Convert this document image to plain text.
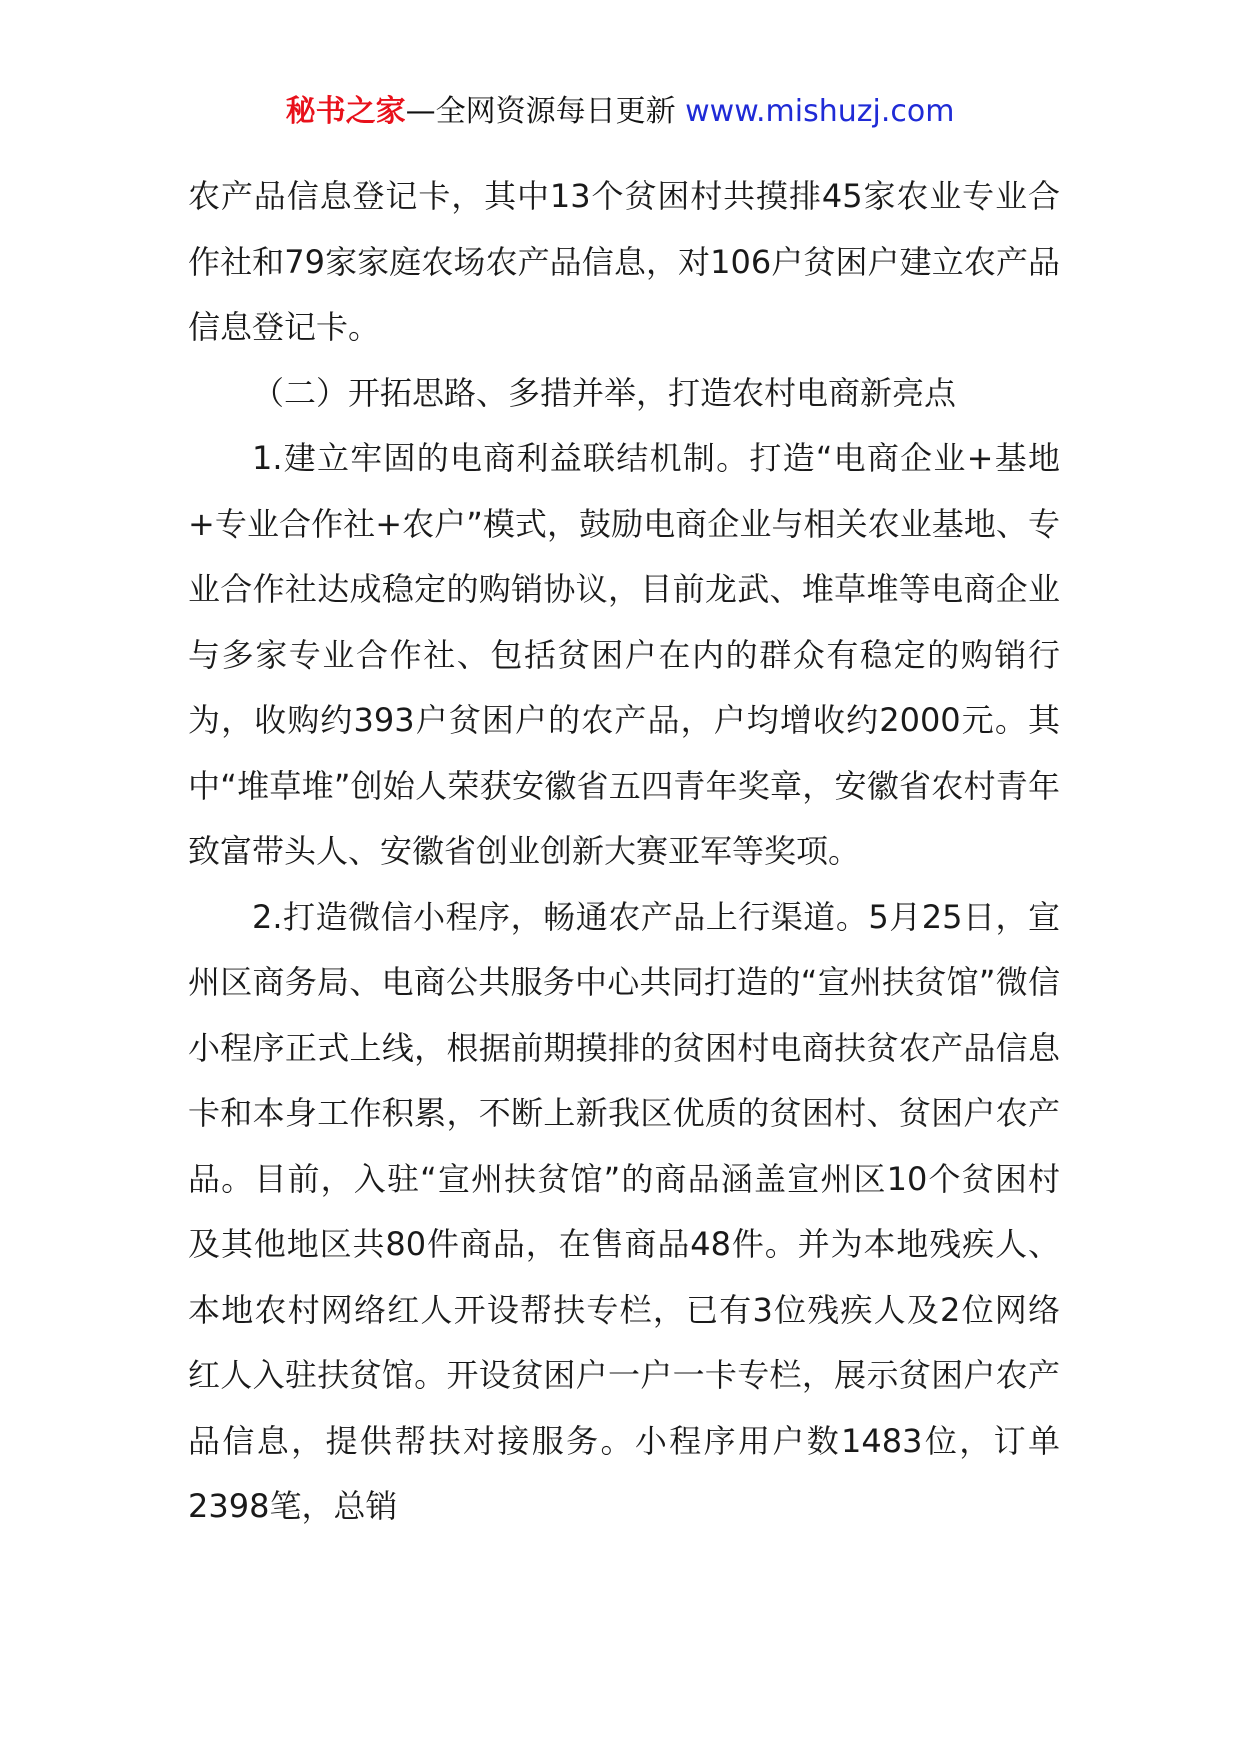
秘书之家—全网资源每日更新 www.mishuzj.com

农产品信息登记卡，其中13个贫困村共摸排45家农业专业合作社和79家家庭农场农产品信息，对106户贫困户建立农产品信息登记卡。

（二）开拓思路、多措并举，打造农村电商新亮点

1.建立牢固的电商利益联结机制。打造“电商企业+基地+专业合作社+农户”模式，鼓励电商企业与相关农业基地、专业合作社达成稳定的购销协议，目前龙武、堆草堆等电商企业与多家专业合作社、包括贫困户在内的群众有稳定的购销行为，收购约393户贫困户的农产品，户均增收约2000元。其中“堆草堆”创始人荣获安徽省五四青年奖章，安徽省农村青年致富带头人、安徽省创业创新大赛亚军等奖项。

2.打造微信小程序，畅通农产品上行渠道。5月25日，宣州区商务局、电商公共服务中心共同打造的“宣州扶贫馆”微信小程序正式上线，根据前期摸排的贫困村电商扶贫农产品信息卡和本身工作积累，不断上新我区优质的贫困村、贫困户农产品。目前，入驻“宣州扶贫馆”的商品涵盖宣州区10个贫困村及其他地区共80件商品，在售商品48件。并为本地残疾人、本地农村网络红人开设帮扶专栏，已有3位残疾人及2位网络红人入驻扶贫馆。开设贫困户一户一卡专栏，展示贫困户农产品信息，提供帮扶对接服务。小程序用户数1483位，订单2398笔，总销
